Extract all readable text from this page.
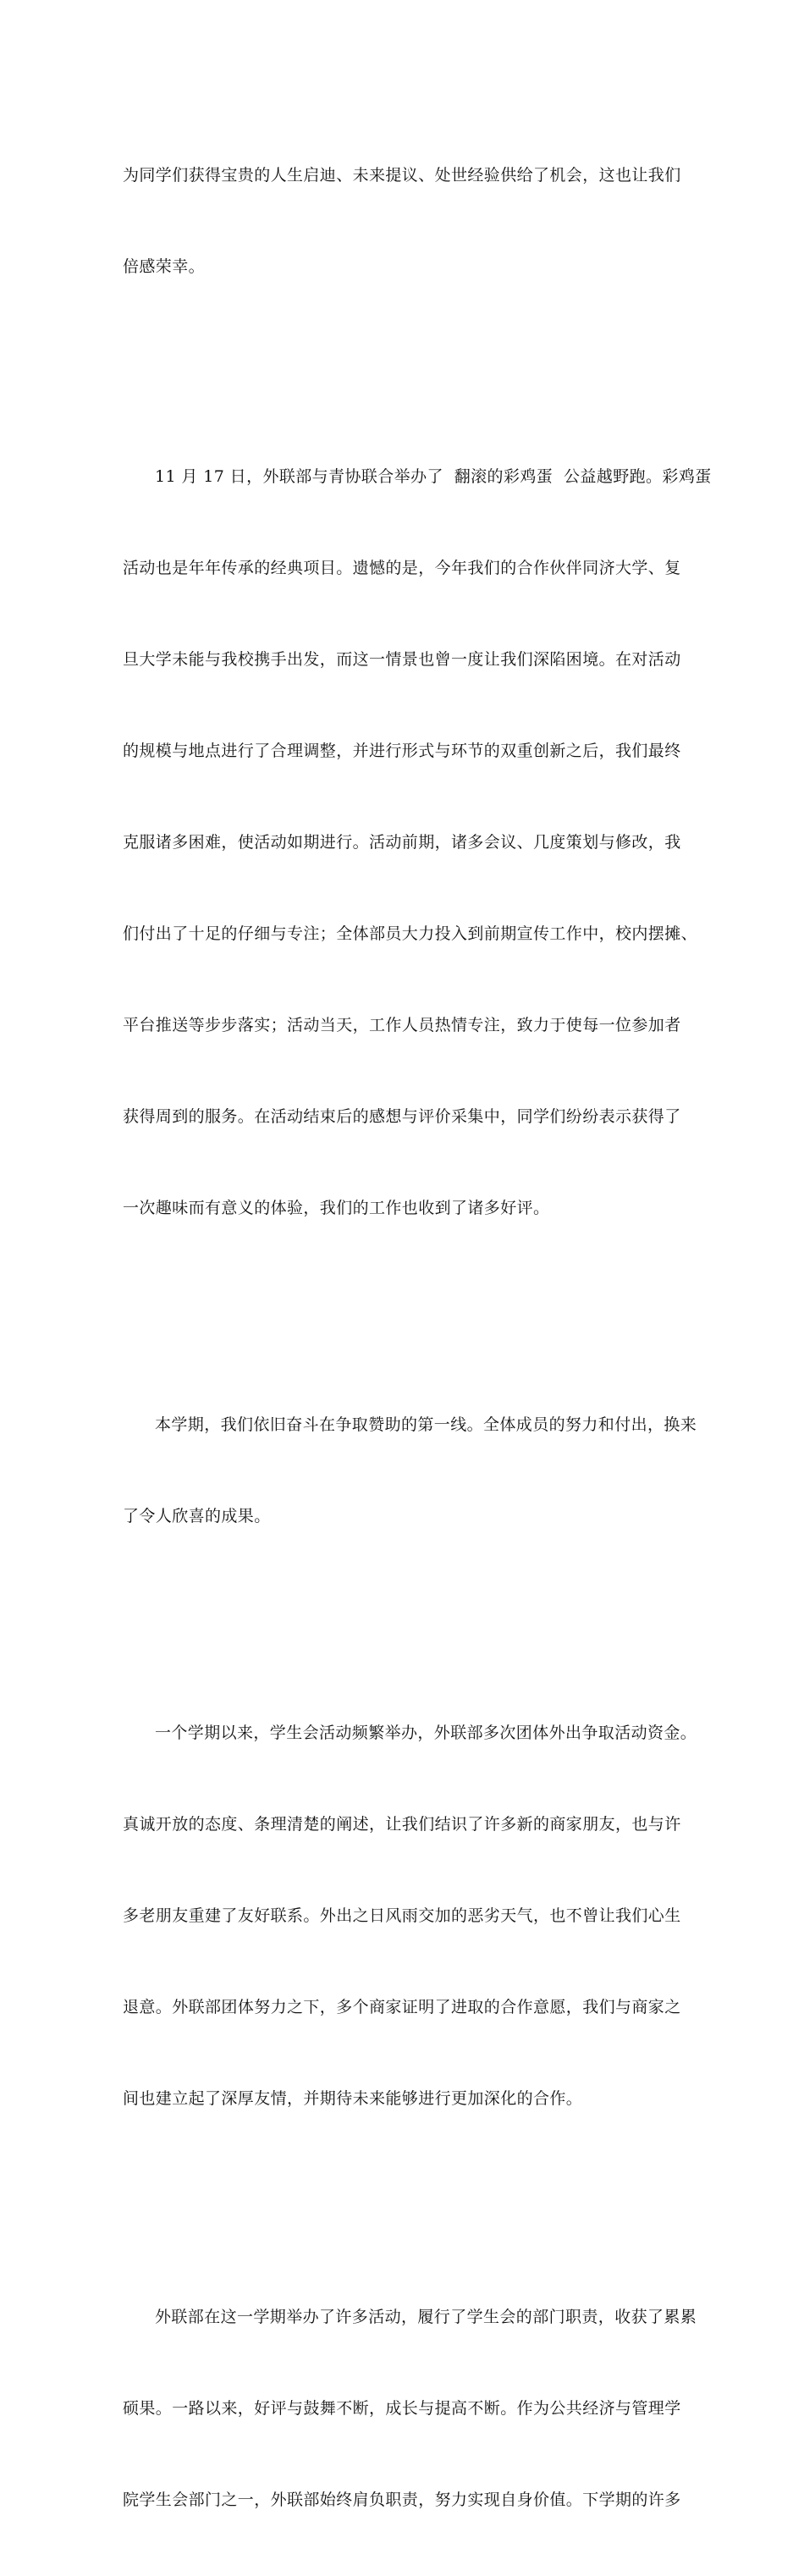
为同学们获得宝贵的人生启迪、未来提议、处世经验供给了机会，这也让我们

倍感荣幸。

11 月 17 日，外联部与青协联合举办了  翻滚的彩鸡蛋  公益越野跑。彩鸡蛋

活动也是年年传承的经典项目。遗憾的是，今年我们的合作伙伴同济大学、复

旦大学未能与我校携手出发，而这一情景也曾一度让我们深陷困境。在对活动

的规模与地点进行了合理调整，并进行形式与环节的双重创新之后，我们最终

克服诸多困难，使活动如期进行。活动前期，诸多会议、几度策划与修改，我

们付出了十足的仔细与专注；全体部员大力投入到前期宣传工作中，校内摆摊、

平台推送等步步落实；活动当天，工作人员热情专注，致力于使每一位参加者

获得周到的服务。在活动结束后的感想与评价采集中，同学们纷纷表示获得了

一次趣味而有意义的体验，我们的工作也收到了诸多好评。

本学期，我们依旧奋斗在争取赞助的第一线。全体成员的努力和付出，换来

了令人欣喜的成果。

一个学期以来，学生会活动频繁举办，外联部多次团体外出争取活动资金。

真诚开放的态度、条理清楚的阐述，让我们结识了许多新的商家朋友，也与许

多老朋友重建了友好联系。外出之日风雨交加的恶劣天气，也不曾让我们心生

退意。外联部团体努力之下，多个商家证明了进取的合作意愿，我们与商家之

间也建立起了深厚友情，并期待未来能够进行更加深化的合作。

外联部在这一学期举办了许多活动，履行了学生会的部门职责，收获了累累

硕果。一路以来，好评与鼓舞不断，成长与提高不断。作为公共经济与管理学

院学生会部门之一，外联部始终肩负职责，努力实现自身价值。下学期的许多
